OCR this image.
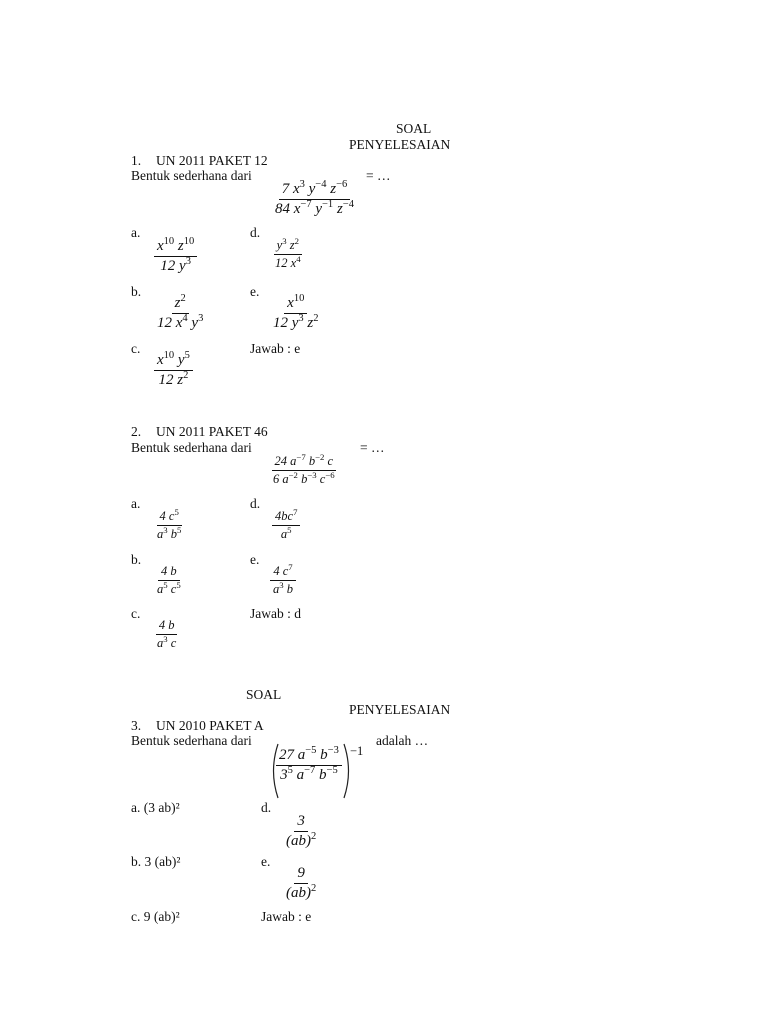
SOAL
PENYELESAIAN
1. UN 2011 PAKET 12
Bentuk sederhana dari	= …
$\frac{7 x^3 y^{-4} z^{-6}}{84 x^{-7} y^{-1} z^{-4}}$
a.
$\frac{x^{10} z^{10}}{12 y^3}$
d.
$\frac{y^3 z^2}{12 x^4}$
b.
$\frac{z^2}{12 x^4 y^3}$
e.
$\frac{x^{10}}{12 y^3 z^2}$
c.
$\frac{x^{10} y^5}{12 z^2}$
Jawab : e
2. UN 2011 PAKET 46
Bentuk sederhana dari	= …
$\frac{24 a^{-7} b^{-2} c}{6 a^{-2} b^{-3} c^{-6}}$
a.
$\frac{4 c^5}{a^3 b^5}$
d.
$\frac{4bc^7}{a^5}$
b.
$\frac{4 b}{a^5 c^5}$
e.
$\frac{4 c^7}{a^3 b}$
c.
$\frac{4 b}{a^3 c}$
Jawab : d
SOAL
PENYELESAIAN
3. UN 2010 PAKET A
Bentuk sederhana dari	adalah …
$\frac{27 a^{-5} b^{-3}}{3^5 a^{-7} b^{-5}} -1$
a. (3 ab)²	d.
$\frac{3}{(ab)^2}$
b. 3 (ab)²	e.
$\frac{9}{(ab)^2}$
c. 9 (ab)²	Jawab : e
